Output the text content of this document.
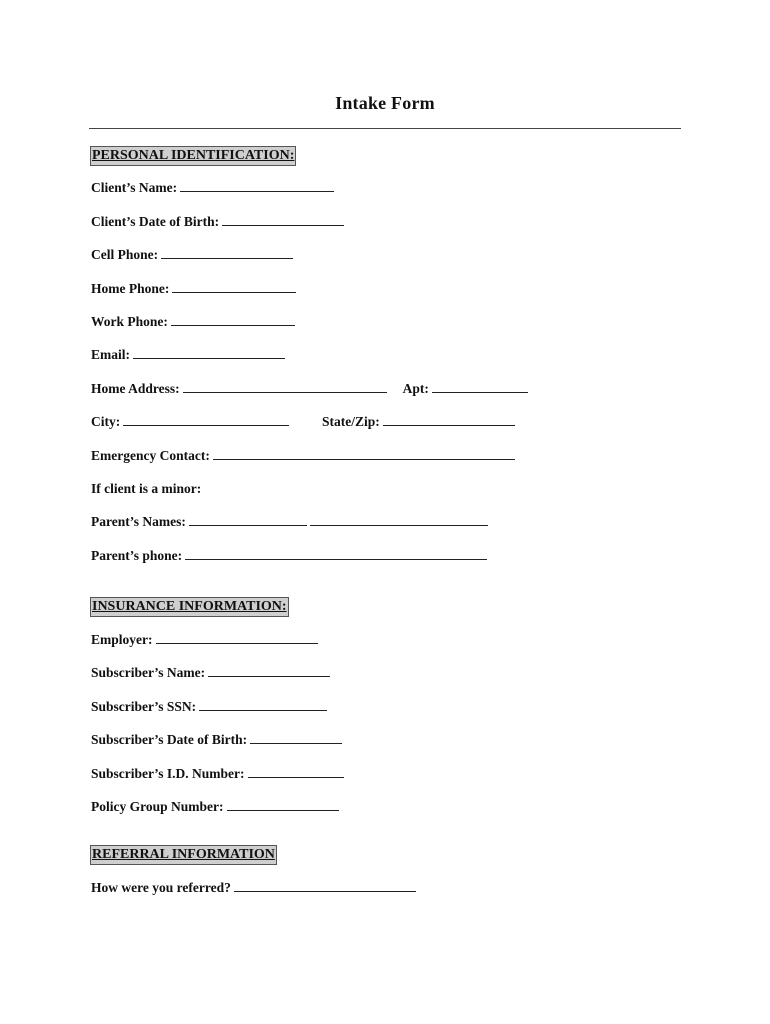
Intake Form
PERSONAL IDENTIFICATION:
Client’s Name:
Client’s Date of Birth:
Cell Phone:
Home Phone:
Work Phone:
Email:
Home Address:	Apt:
City:	State/Zip:
Emergency Contact:
If client is a minor:
Parent’s Names:
Parent’s phone:
INSURANCE INFORMATION:
Employer:
Subscriber’s Name:
Subscriber’s SSN:
Subscriber’s Date of Birth:
Subscriber’s I.D. Number:
Policy Group Number:
REFERRAL INFORMATION
How were you referred?
